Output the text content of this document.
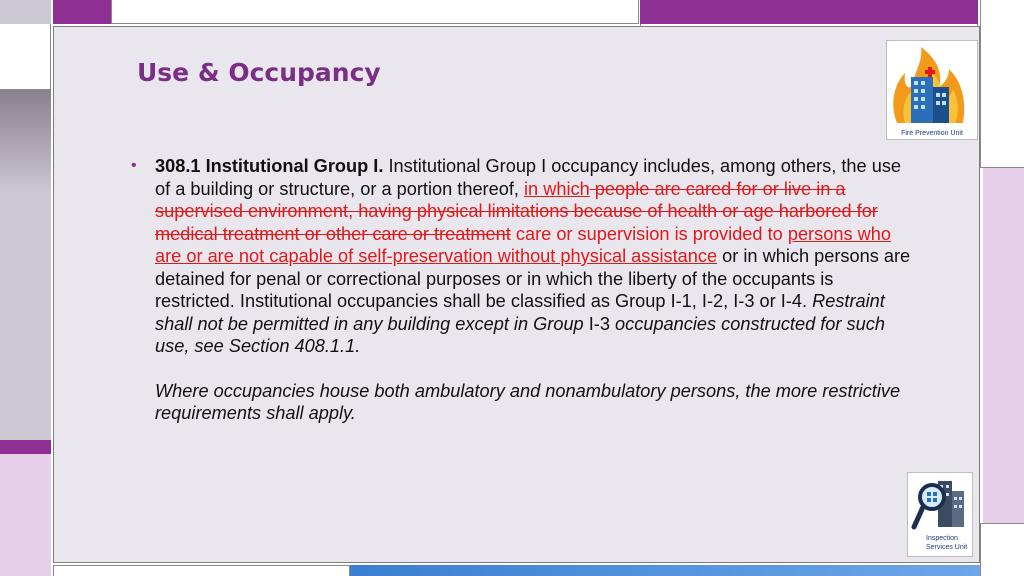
Use & Occupancy
• 308.1 Institutional Group I. Institutional Group I occupancy includes, among others, the use of a building or structure, or a portion thereof, in which people are cared for or live in a supervised environment, having physical limitations because of health or age harbored for medical treatment or other care or treatment care or supervision is provided to persons who are or are not capable of self-preservation without physical assistance or in which persons are detained for penal or correctional purposes or in which the liberty of the occupants is restricted. Institutional occupancies shall be classified as Group I-1, I-2, I-3 or I-4. Restraint shall not be permitted in any building except in Group I-3 occupancies constructed for such use, see Section 408.1.1.
Where occupancies house both ambulatory and nonambulatory persons, the more restrictive requirements shall apply.
Fire Prevention Unit
Inspection
Services Unit
